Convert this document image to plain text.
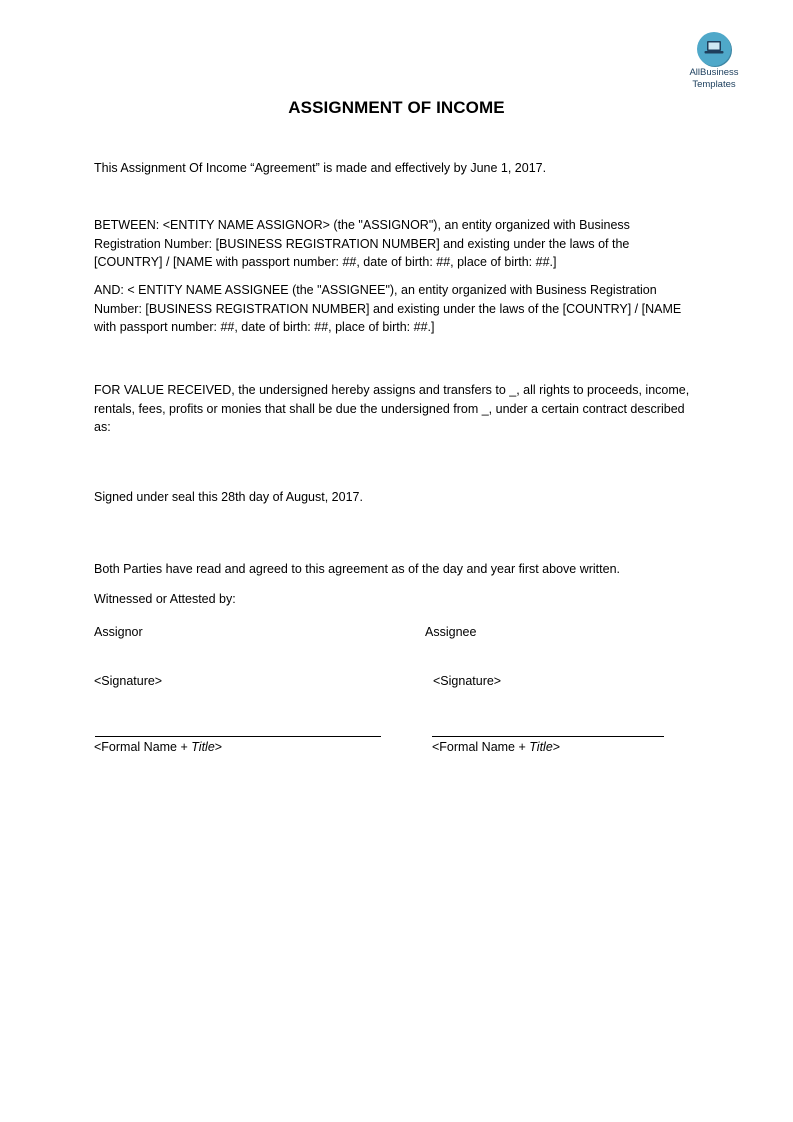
AllBusiness
Templates
ASSIGNMENT OF INCOME

This Assignment Of Income “Agreement” is made and effectively by June 1, 2017.

BETWEEN: <ENTITY NAME ASSIGNOR> (the "ASSIGNOR"), an entity organized with Business Registration Number: [BUSINESS REGISTRATION NUMBER] and existing under the laws of the [COUNTRY] / [NAME with passport number: ##, date of birth: ##, place of birth: ##.]

AND: < ENTITY NAME ASSIGNEE (the "ASSIGNEE"), an entity organized with Business Registration Number: [BUSINESS REGISTRATION NUMBER] and existing under the laws of the [COUNTRY] / [NAME with passport number: ##, date of birth: ##, place of birth: ##.]

FOR VALUE RECEIVED, the undersigned hereby assigns and transfers to _, all rights to proceeds, income, rentals, fees, profits or monies that shall be due the undersigned from _, under a certain contract described as:

Signed under seal this 28th day of August, 2017.

Both Parties have read and agreed to this agreement as of the day and year first above written.

Witnessed or Attested by:

Assignor

<Signature>

<Formal Name + Title>

Assignee

<Signature>

<Formal Name + Title>
